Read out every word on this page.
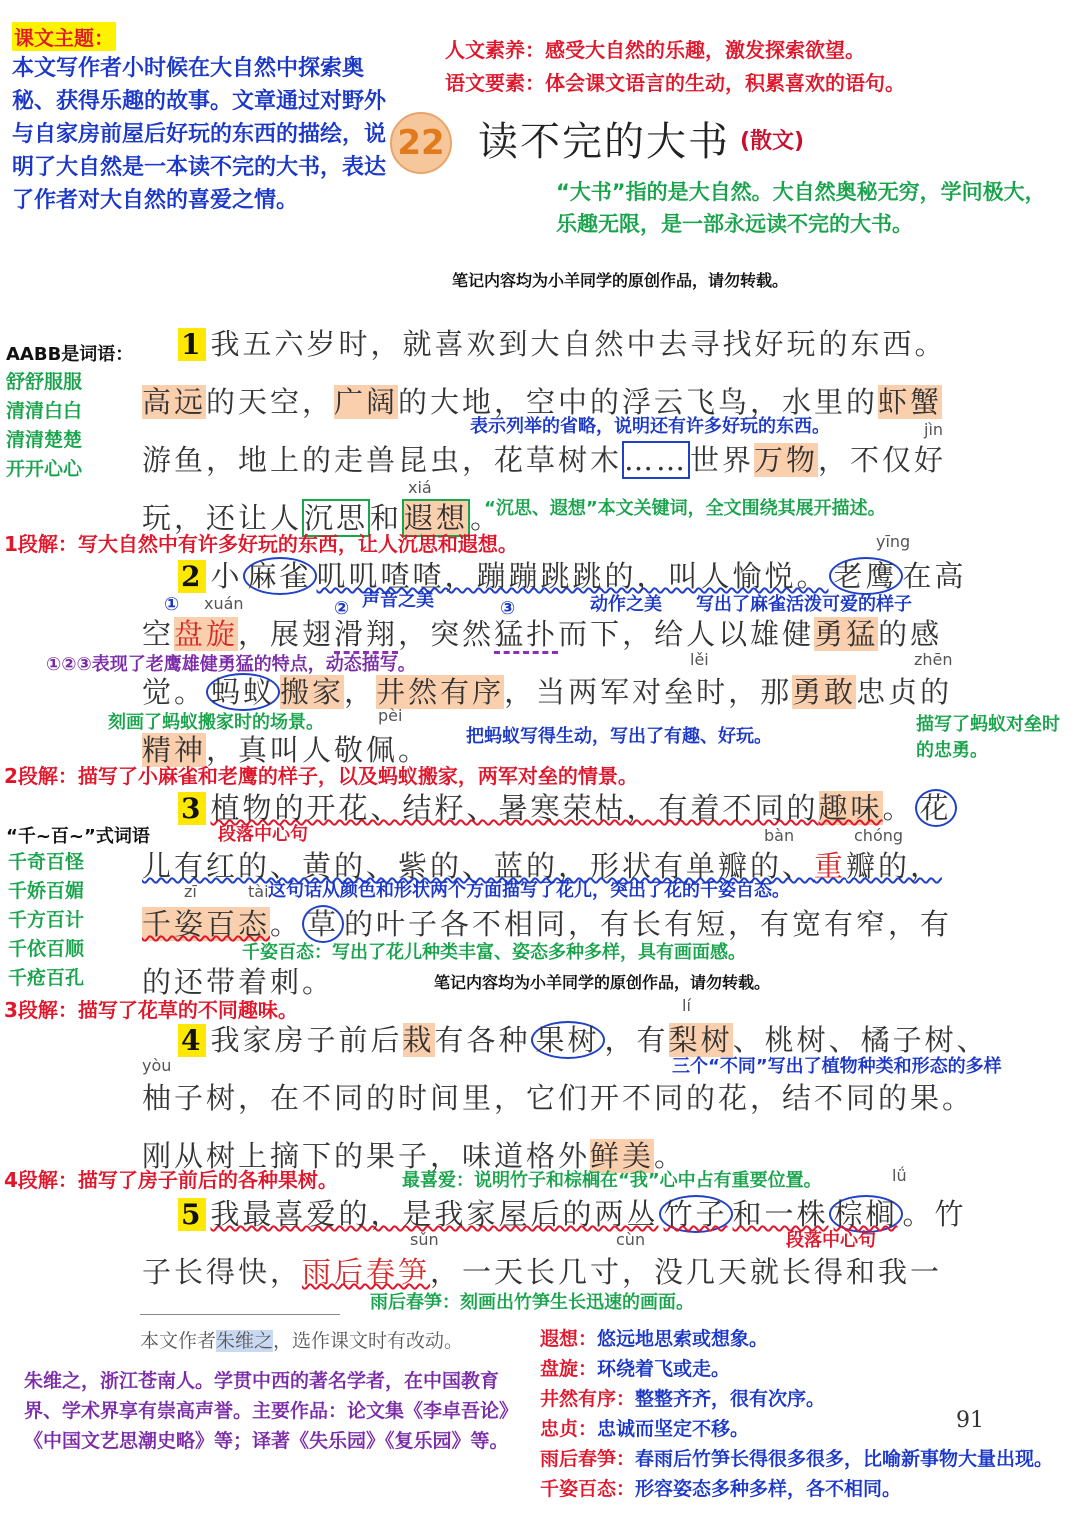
课文主题：
本文写作者小时候在大自然中探索奥秘、获得乐趣的故事。文章通过对野外与自家房前屋后好玩的东西的描绘，说明了大自然是一本读不完的大书，表达了作者对大自然的喜爱之情。
人文素养：感受大自然的乐趣，激发探索欲望。
语文要素：体会课文语言的生动，积累喜欢的语句。
22 读不完的大书 (散文)
“大书”指的是大自然。大自然奥秘无穷，学问极大，乐趣无限，是一部永远读不完的大书。
笔记内容均为小羊同学的原创作品，请勿转载。
AABB是词语：
舒舒服服
清清白白
清清楚楚
开开心心
“千~百~”式词语
千奇百怪
千娇百媚
千方百计
千依百顺
千疮百孔
1 我五六岁时，就喜欢到大自然中去寻找好玩的东西。
高远的天空，广阔的大地，空中的浮云飞鸟，水里的虾蟹
表示列举的省略，说明还有许多好玩的东西。	jìn
游鱼，地上的走兽昆虫，花草树木……世界万物，不仅好
xiá
玩，还让人沉思和遐想。
“沉思、遐想”本文关键词，全文围绕其展开描述。
1段解：写大自然中有许多好玩的东西，让人沉思和遐想。	yīng
2 小 麻雀 叽叽喳喳，蹦蹦跳跳的，叫人愉悦。 老鹰 在高
① xuán	② 声音之美	③	动作之美 写出了麻雀活泼可爱的样子
空盘旋，展翅滑翔，突然猛扑而下，给人以雄健勇猛的感
①②③表现了老鹰雄健勇猛的特点，动态描写。	lěi	zhēn
觉。 蚂蚁 搬家，井然有序，当两军对垒时，那勇敢忠贞的
刻画了蚂蚁搬家时的场景。	pèi
把蚂蚁写得生动，写出了有趣、好玩。
描写了蚂蚁对垒时的忠勇。
精神，真叫人敬佩。
2段解：描写了小麻雀和老鹰的样子，以及蚂蚁搬家，两军对垒的情景。
3 植物的开花、结籽、暑寒荣枯，有着不同的趣味。 花
段落中心句	bàn	chóng
儿有红的、黄的、紫的、蓝的，形状有单瓣的、重瓣的，
zī	tài 这句话从颜色和形状两个方面描写了花儿，突出了花的千姿百态。
千姿百态。 草 的叶子各不相同，有长有短，有宽有窄，有
千姿百态：写出了花儿种类丰富、姿态多种多样，具有画面感。
的还带着刺。	笔记内容均为小羊同学的原创作品，请勿转载。
3段解：描写了花草的不同趣味。	lí
4 我家房子前后栽有各种 果树 ，有梨树、桃树、橘子树、
三个“不同”写出了植物种类和形态的多样
yòu
柚子树，在不同的时间里，它们开不同的花，结不同的果。
刚从树上摘下的果子，味道格外鲜美。
4段解：描写了房子前后的各种果树。	最喜爱：说明竹子和棕榈在“我”心中占有重要位置。	lǘ
5 我最喜爱的，是我家屋后的两丛 竹子 和一株 棕榈 。竹
段落中心句
sǔn	cùn
子长得快，雨后春笋，一天长几寸，没几天就长得和我一
雨后春笋：刻画出竹笋生长迅速的画面。
本文作者朱维之，选作课文时有改动。
朱维之，浙江苍南人。学贯中西的著名学者，在中国教育界、学术界享有崇高声誉。主要作品：论文集《李卓吾论》《中国文艺思潮史略》等；译著《失乐园》《复乐园》等。
遐想：悠远地思索或想象。
盘旋：环绕着飞或走。
井然有序：整整齐齐，很有次序。
忠贞：忠诚而坚定不移。
雨后春笋：春雨后竹笋长得很多很多，比喻新事物大量出现。
千姿百态：形容姿态多种多样，各不相同。
91
